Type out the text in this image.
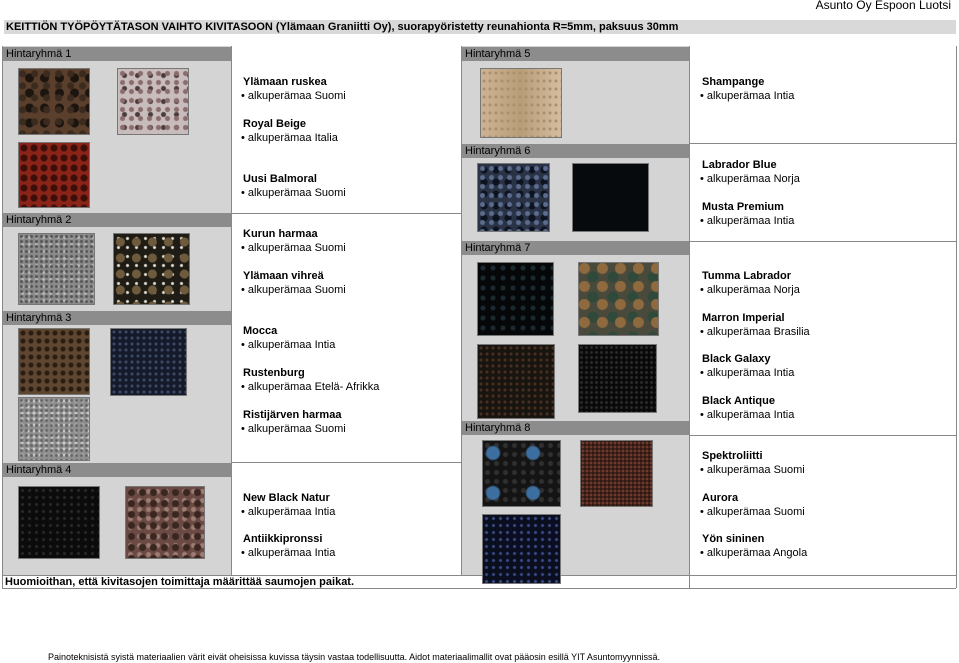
Asunto Oy Espoon Luotsi
KEITTIÖN TYÖPÖYTÄTASON VAIHTO KIVITASOON (Ylämaan Graniitti Oy), suorapyöristetty reunahionta R=5mm, paksuus 30mm
Hintaryhmä 1
Hintaryhmä 2
Hintaryhmä 3
Hintaryhmä 4
Hintaryhmä 5
Hintaryhmä 6
Hintaryhmä 7
Hintaryhmä 8
Ylämaan ruskea
• alkuperämaa Suomi
Royal Beige
• alkuperämaa Italia
Uusi Balmoral
• alkuperämaa Suomi
Kurun harmaa
• alkuperämaa Suomi
Ylämaan vihreä
• alkuperämaa Suomi
Mocca
• alkuperämaa Intia
Rustenburg
• alkuperämaa Etelä- Afrikka
Ristijärven harmaa
• alkuperämaa Suomi
New Black Natur
• alkuperämaa Intia
Antiikkipronssi
• alkuperämaa Intia
Shampange
• alkuperämaa Intia
Labrador Blue
• alkuperämaa Norja
Musta Premium
• alkuperämaa Intia
Tumma Labrador
• alkuperämaa Norja
Marron Imperial
• alkuperämaa Brasilia
Black Galaxy
• alkuperämaa Intia
Black Antique
• alkuperämaa Intia
Spektroliitti
• alkuperämaa Suomi
Aurora
• alkuperämaa Suomi
Yön sininen
• alkuperämaa Angola
Huomioithan, että kivitasojen toimittaja määrittää saumojen paikat.
Painoteknisistä syistä materiaalien värit eivät oheisissa kuvissa täysin vastaa todellisuutta. Aidot materiaalimallit ovat pääosin esillä YIT Asuntomyynnissä.
